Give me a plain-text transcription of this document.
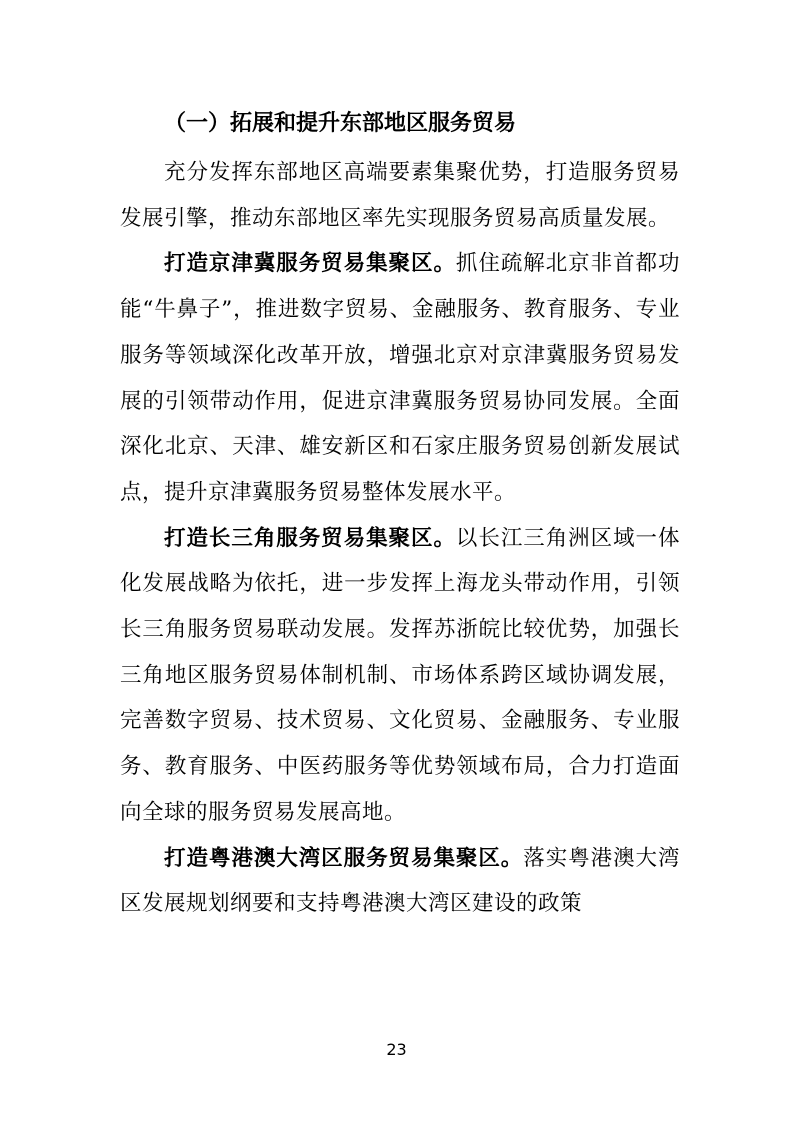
（一）拓展和提升东部地区服务贸易

充分发挥东部地区高端要素集聚优势，打造服务贸易发展引擎，推动东部地区率先实现服务贸易高质量发展。

打造京津冀服务贸易集聚区。抓住疏解北京非首都功能“牛鼻子”，推进数字贸易、金融服务、教育服务、专业服务等领域深化改革开放，增强北京对京津冀服务贸易发展的引领带动作用，促进京津冀服务贸易协同发展。全面深化北京、天津、雄安新区和石家庄服务贸易创新发展试点，提升京津冀服务贸易整体发展水平。

打造长三角服务贸易集聚区。以长江三角洲区域一体化发展战略为依托，进一步发挥上海龙头带动作用，引领长三角服务贸易联动发展。发挥苏浙皖比较优势，加强长三角地区服务贸易体制机制、市场体系跨区域协调发展，完善数字贸易、技术贸易、文化贸易、金融服务、专业服务、教育服务、中医药服务等优势领域布局，合力打造面向全球的服务贸易发展高地。

打造粤港澳大湾区服务贸易集聚区。落实粤港澳大湾区发展规划纲要和支持粤港澳大湾区建设的政策

23
